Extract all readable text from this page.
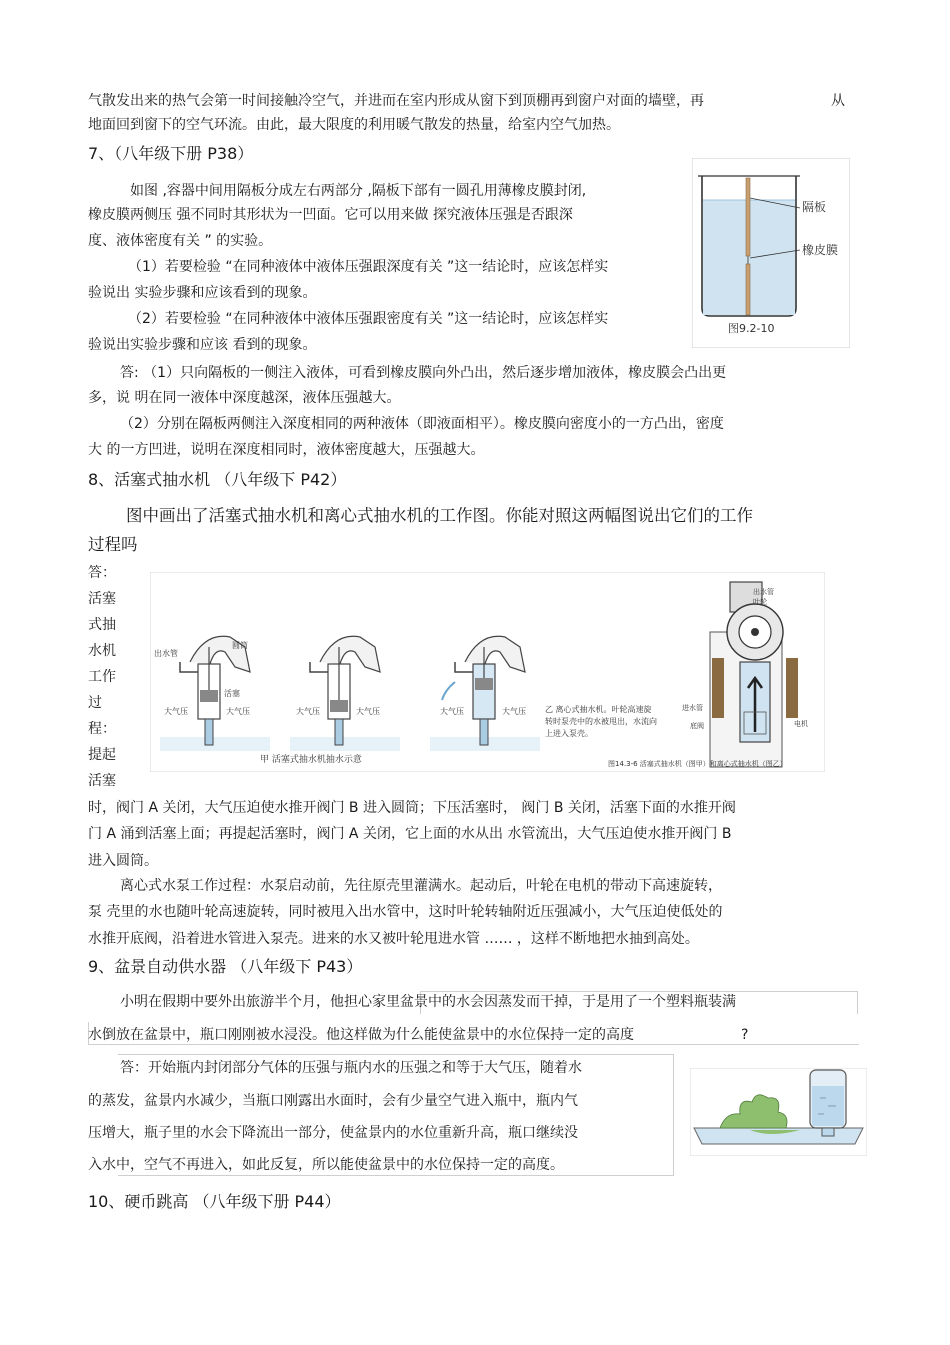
气散发出来的热气会第一时间接触冷空气，并进而在室内形成从窗下到顶棚再到窗户对面的墙壁，再	从
地面回到窗下的空气环流。由此，最大限度的利用暖气散发的热量，给室内空气加热。
7、（八年级下册 P38）
如图 ,容器中间用隔板分成左右两部分 ,隔板下部有一圆孔用薄橡皮膜封闭,
橡皮膜两侧压 强不同时其形状为一凹面。它可以用来做 探究液体压强是否跟深
度、液体密度有关 ” 的实验。
（1）若要检验 “在同种液体中液体压强跟深度有关 ”这一结论时，应该怎样实
验说出 实验步骤和应该看到的现象。
（2）若要检验 “在同种液体中液体压强跟密度有关 ”这一结论时，应该怎样实
验说出实验步骤和应该 看到的现象。
答: （1）只向隔板的一侧注入液体，可看到橡皮膜向外凸出，然后逐步增加液体，橡皮膜会凸出更
多，说 明在同一液体中深度越深，液体压强越大。
（2）分别在隔板两侧注入深度相同的两种液体（即液面相平）。橡皮膜向密度小的一方凸出，密度
大 的一方凹进，说明在深度相同时，液体密度越大，压强越大。
隔板
橡皮膜
图9.2-10
8、活塞式抽水机 （八年级下 P42）
图中画出了活塞式抽水机和离心式抽水机的工作图。你能对照这两幅图说出它们的工作
过程吗
答：活塞式抽水机工作过程：提起活塞
出水管
圆筒
活塞
大气压	大气压	大气压	大气压	大气压	大气压
甲 活塞式抽水机抽水示意
乙 离心式抽水机。叶轮高速旋
转时泵壳中的水被甩出，水流向
上进入泵壳。
出水管
叶轮
进水管
底阀	电机
图14.3-6 活塞式抽水机（图甲）和离心式抽水机（图乙）
时，阀门 A 关闭，大气压迫使水推开阀门 B 进入圆筒；下压活塞时， 阀门 B 关闭，活塞下面的水推开阀
门 A 涌到活塞上面；再提起活塞时，阀门 A 关闭，它上面的水从出 水管流出，大气压迫使水推开阀门 B
进入圆筒。
离心式水泵工作过程：水泵启动前，先往原壳里灌满水。起动后，叶轮在电机的带动下高速旋转，
泵 壳里的水也随叶轮高速旋转，同时被甩入出水管中，这时叶轮转轴附近压强减小，大气压迫使低处的
水推开底阀，沿着进水管进入泵壳。进来的水又被叶轮甩进水管 …… ，这样不断地把水抽到高处。
9、盆景自动供水器 （八年级下 P43）
小明在假期中要外出旅游半个月，他担心家里盆景中的水会因蒸发而干掉，于是用了一个塑料瓶装满
水倒放在盆景中，瓶口刚刚被水浸没。他这样做为什么能使盆景中的水位保持一定的高度	?
答：开始瓶内封闭部分气体的压强与瓶内水的压强之和等于大气压，随着水
的蒸发，盆景内水减少，当瓶口刚露出水面时，会有少量空气进入瓶中，瓶内气
压增大，瓶子里的水会下降流出一部分，使盆景内的水位重新升高，瓶口继续没
入水中，空气不再进入，如此反复，所以能使盆景中的水位保持一定的高度。
10、硬币跳高 （八年级下册 P44）
